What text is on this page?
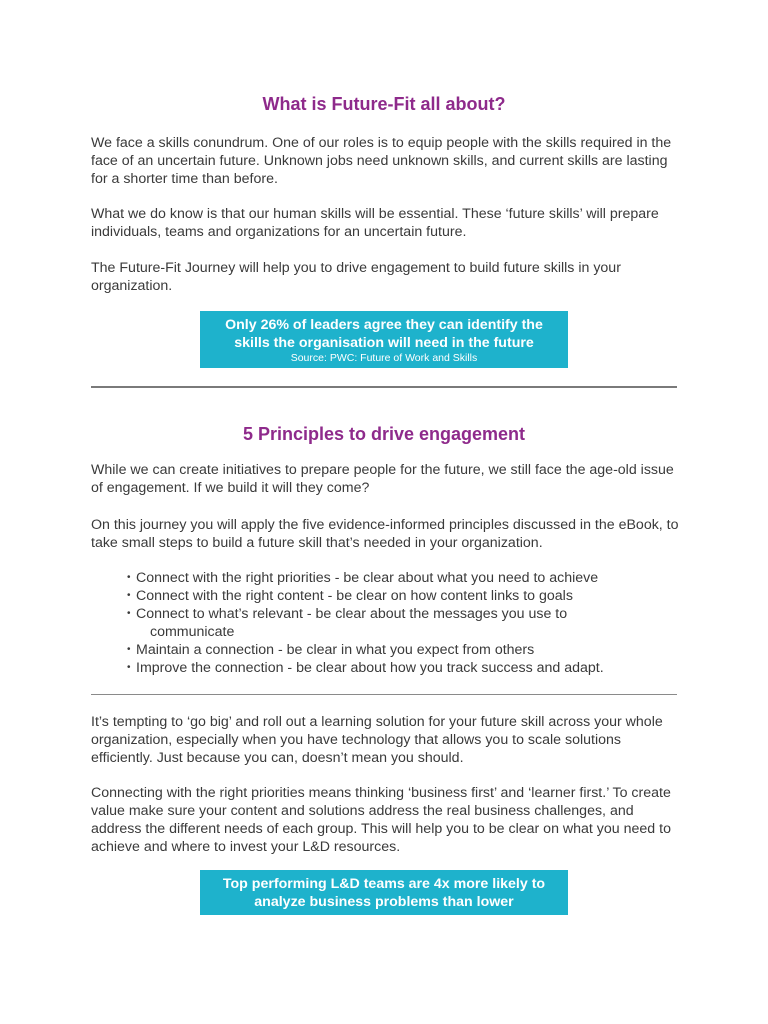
What is Future-Fit all about?

We face a skills conundrum. One of our roles is to equip people with the skills required in the face of an uncertain future. Unknown jobs need unknown skills, and current skills are lasting for a shorter time than before.

What we do know is that our human skills will be essential. These ‘future skills’ will prepare individuals, teams and organizations for an uncertain future.

The Future-Fit Journey will help you to drive engagement to build future skills in your organization.

Only 26% of leaders agree they can identify the
skills the organisation will need in the future
Source: PWC: Future of Work and Skills
5 Principles to drive engagement

While we can create initiatives to prepare people for the future, we still face the age-old issue of engagement. If we build it will they come?

On this journey you will apply the five evidence-informed principles discussed in the eBook, to take small steps to build a future skill that’s needed in your organization.

• Connect with the right priorities - be clear about what you need to achieve
• Connect with the right content - be clear on how content links to goals
• Connect to what’s relevant - be clear about the messages you use to
communicate
• Maintain a connection - be clear in what you expect from others
• Improve the connection - be clear about how you track success and adapt.

It’s tempting to ‘go big’ and roll out a learning solution for your future skill across your whole organization, especially when you have technology that allows you to scale solutions efficiently. Just because you can, doesn’t mean you should.

Connecting with the right priorities means thinking ‘business first’ and ‘learner first.’ To create value make sure your content and solutions address the real business challenges, and address the different needs of each group. This will help you to be clear on what you need to achieve and where to invest your L&D resources.

Top performing L&D teams are 4x more likely to
analyze business problems than lower
